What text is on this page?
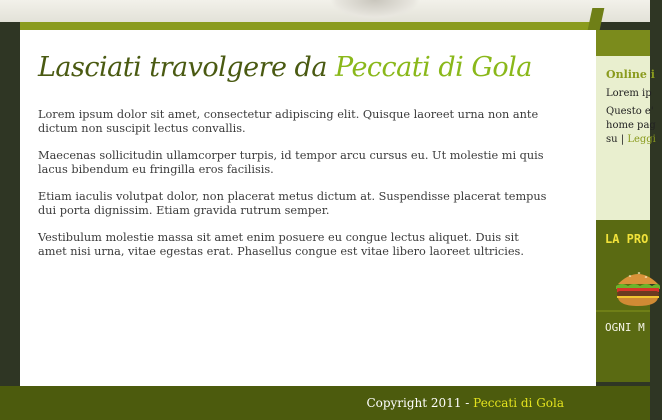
Lasciati travolgere da Peccati di Gola

Lorem ipsum dolor sit amet, consectetur adipiscing elit. Quisque laoreet urna non ante dictum non suscipit lectus convallis.

Maecenas sollicitudin ullamcorper turpis, id tempor arcu cursus eu. Ut molestie mi quis lacus bibendum eu fringilla eros facilisis.

Etiam iaculis volutpat dolor, non placerat metus dictum at. Suspendisse placerat tempus dui porta dignissim. Etiam gravida rutrum semper.

Vestibulum molestie massa sit amet enim posuere eu congue lectus aliquet. Duis sit amet nisi urna, vitae egestas erat. Phasellus congue est vitae libero laoreet ultricies.

Online i
Lorem ip
Questo e'
home pag
su | Leggi
LA PRO
OGNI M
Copyright 2011 - Peccati di Gola
